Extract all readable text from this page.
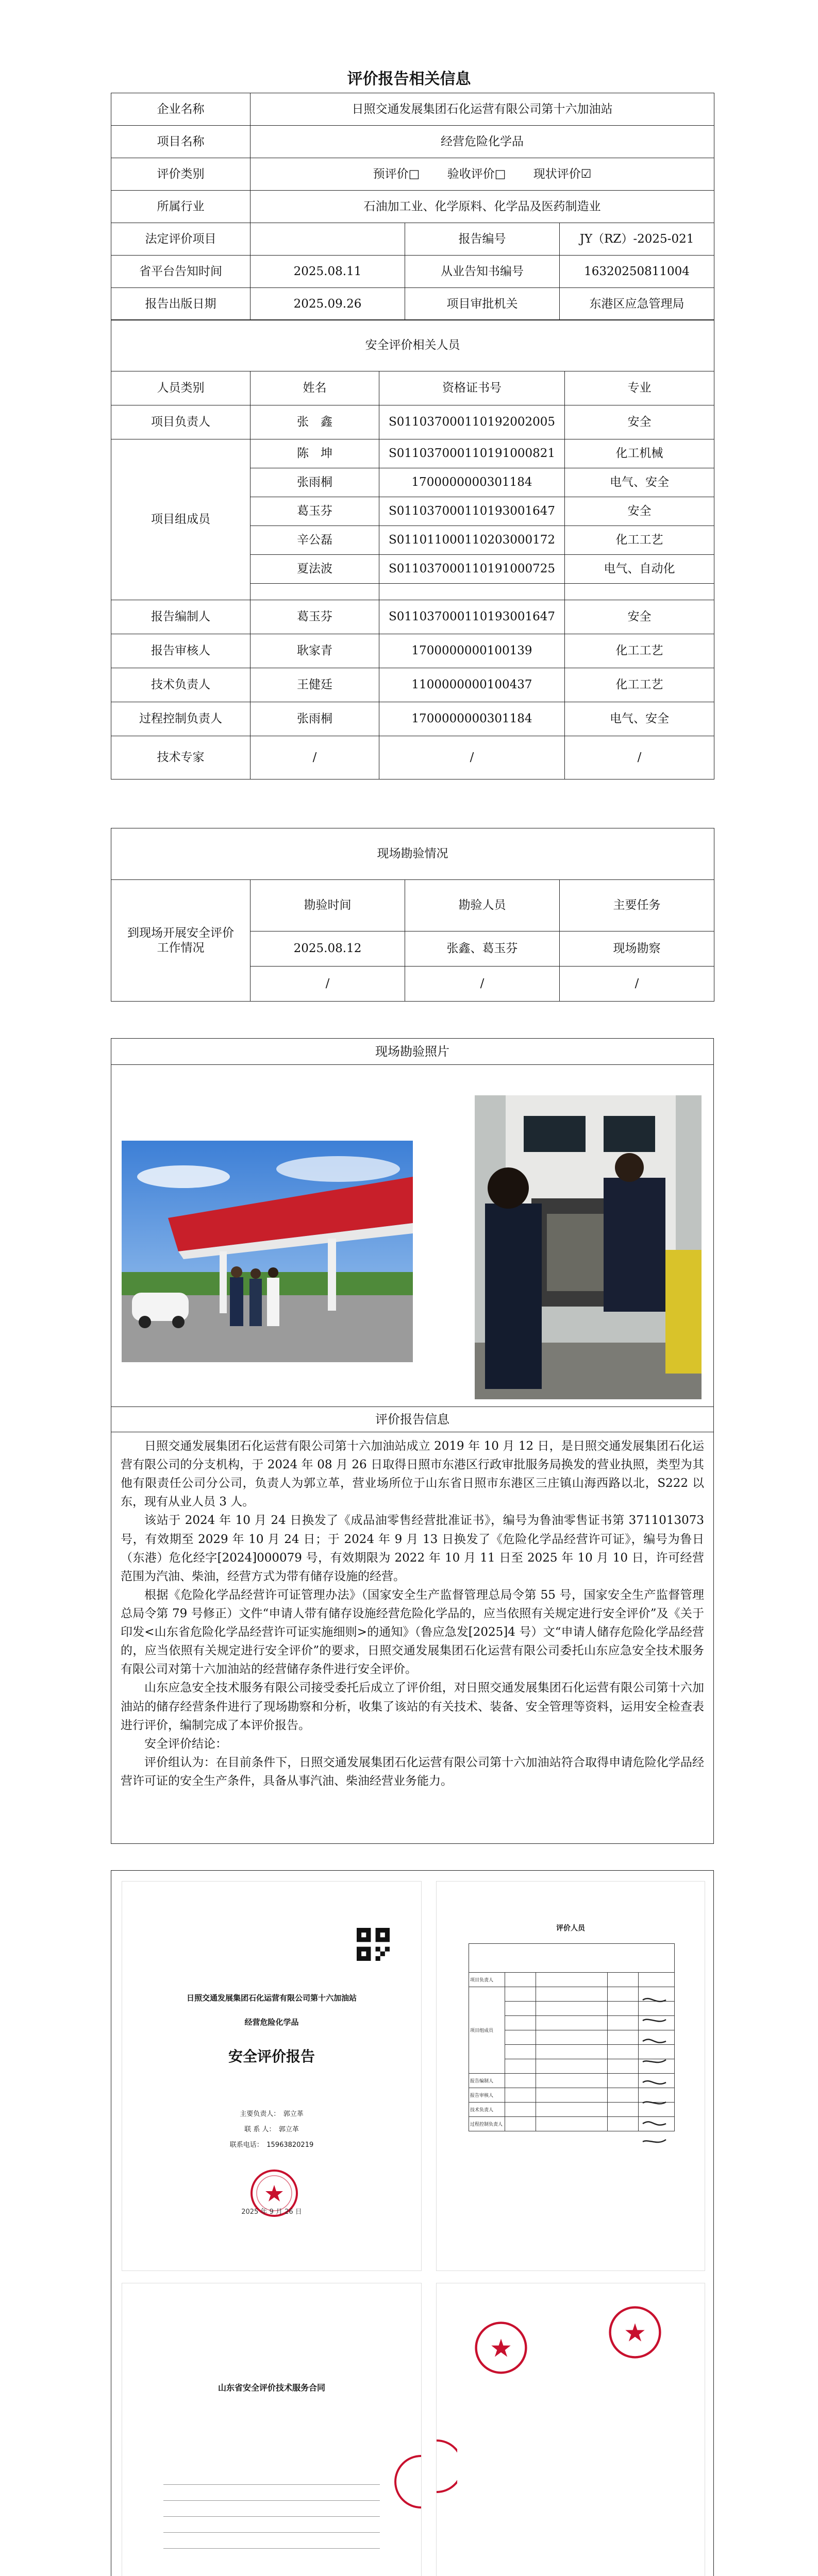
评价报告相关信息
企业名称	日照交通发展集团石化运营有限公司第十六加油站		
项目名称	经营危险化学品		
评价类别	预评价□　　 验收评价□　　 现状评价☑		
所属行业	石油加工业、化学原料、化学品及医药制造业		
法定评价项目		报告编号	JY（RZ）-2025-021
省平台告知时间	2025.08.11	从业告知书编号	16320250811004
报告出版日期	2025.09.26	项目审批机关	东港区应急管理局
安全评价相关人员			
人员类别	姓名	资格证书号	专业
项目负责人	张　鑫	S011037000110192002005	安全
项目组成员	陈　坤	S011037000110191000821	化工机械
	张雨桐	1700000000301184	电气、安全
	葛玉芬	S011037000110193001647	安全
	辛公磊	S011011000110203000172	化工工艺
	夏法波	S011037000110191000725	电气、自动化

报告编制人	葛玉芬	S011037000110193001647	安全
报告审核人	耿家青	1700000000100139	化工工艺
技术负责人	王健廷	1100000000100437	化工工艺
过程控制负责人	张雨桐	1700000000301184	电气、安全
技术专家	/	/	/
现场勘验情况			
到现场开展安全评价工作情况	勘验时间	勘验人员	主要任务
	2025.08.12	张鑫、葛玉芬	现场勘察
	/	/	/
现场勘验照片
评价报告信息

日照交通发展集团石化运营有限公司第十六加油站成立 2019 年 10 月 12 日，是日照交通发展集团石化运营有限公司的分支机构，于 2024 年 08 月 26 日取得日照市东港区行政审批服务局换发的营业执照，类型为其他有限责任公司分公司，负责人为郭立革，营业场所位于山东省日照市东港区三庄镇山海西路以北，S222 以东，现有从业人员 3 人。

该站于 2024 年 10 月 24 日换发了《成品油零售经营批准证书》，编号为鲁油零售证书第 3711013073 号，有效期至 2029 年 10 月 24 日；于 2024 年 9 月 13 日换发了《危险化学品经营许可证》，编号为鲁日（东港）危化经字[2024]000079 号，有效期限为 2022 年 10 月 11 日至 2025 年 10 月 10 日，许可经营范围为汽油、柴油，经营方式为带有储存设施的经营。

根据《危险化学品经营许可证管理办法》（国家安全生产监督管理总局令第 55 号，国家安全生产监督管理总局令第 79 号修正）文件“申请人带有储存设施经营危险化学品的，应当依照有关规定进行安全评价”及《关于印发<山东省危险化学品经营许可证实施细则>的通知》（鲁应急发[2025]4 号）文“申请人储存危险化学品经营的，应当依照有关规定进行安全评价”的要求，日照交通发展集团石化运营有限公司委托山东应急安全技术服务有限公司对第十六加油站的经营储存条件进行安全评价。

山东应急安全技术服务有限公司接受委托后成立了评价组，对日照交通发展集团石化运营有限公司第十六加油站的储存经营条件进行了现场勘察和分析，收集了该站的有关技术、装备、安全管理等资料，运用安全检查表进行评价，编制完成了本评价报告。

安全评价结论：

评价组认为：在目前条件下，日照交通发展集团石化运营有限公司第十六加油站符合取得申请危险化学品经营许可证的安全生产条件，具备从事汽油、柴油经营业务能力。

日照交通发展集团石化运营有限公司第十六加油站
经营危险化学品
安全评价报告
主要负责人：　郭立革
联 系 人：　郭立革
联系电话：　15963820219
2025 年 9 月 26 日
评价人员

项目负责人				
项目组成员				

报告编制人				
报告审核人				
技术负责人				
过程控制负责人				
山东省安全评价技术服务合同
